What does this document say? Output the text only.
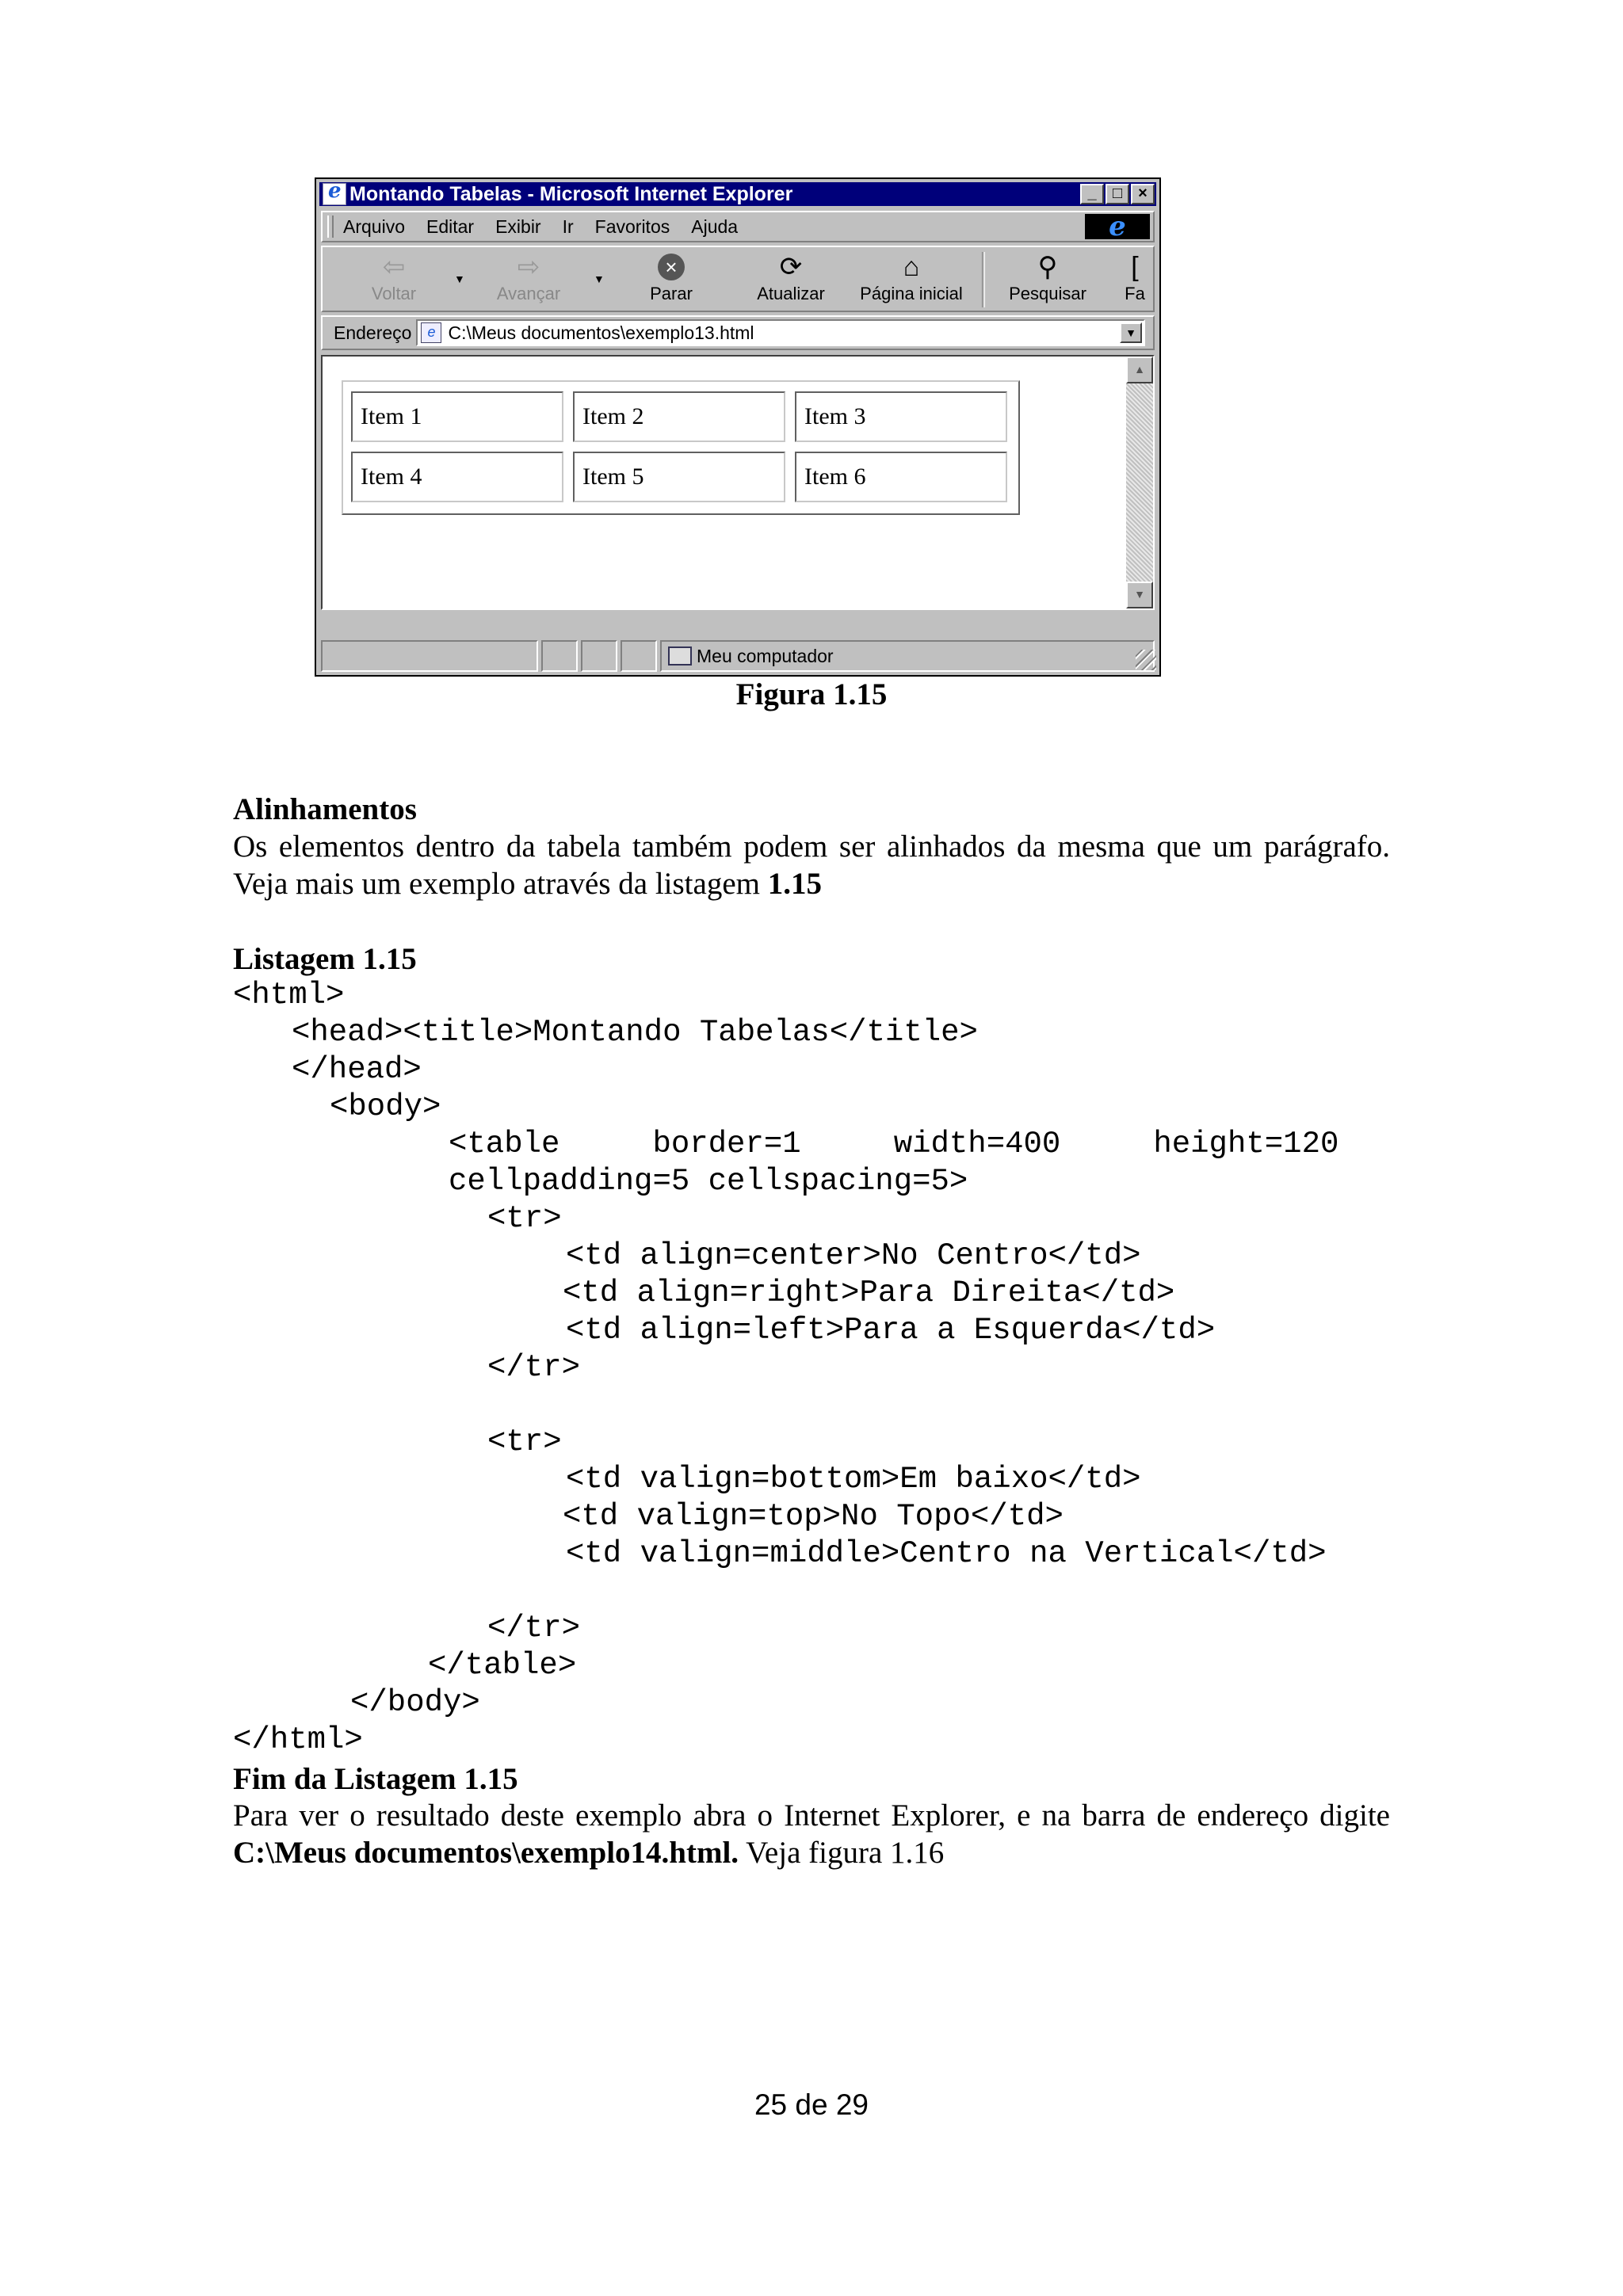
e
Montando Tabelas - Microsoft Internet Explorer	_	□	×
Arquivo Editar Exibir Ir Favoritos Ajuda	e
⇦
Voltar
▼	⇨
Avançar
▼	×
Parar
⟳
Atualizar
⌂
Página inicial
⚲
Pesquisar
[
Fa
Endereço	e C:\Meus documentos\exemplo13.html	▼
Item 1	Item 2	Item 3
Item 4	Item 5	Item 6
▲
▼
Meu computador
Figura 1.15
Alinhamentos
Os elementos dentro da tabela também podem ser alinhados da mesma que um parágrafo. Veja mais um exemplo através da listagem 1.15
Listagem 1.15
<html>
<head><title>Montando Tabelas</title>
</head>
<body>
<table     border=1     width=400     height=120
cellpadding=5 cellspacing=5>
<tr>
<td align=center>No Centro</td>
<td align=right>Para Direita</td>
<td align=left>Para a Esquerda</td>
</tr>
<tr>
<td valign=bottom>Em baixo</td>
<td valign=top>No Topo</td>
<td valign=middle>Centro na Vertical</td>
</tr>
</table>
</body>
</html>
Fim da Listagem 1.15
Para ver o resultado deste exemplo abra o Internet Explorer, e na barra de endereço digite C:\Meus documentos\exemplo14.html. Veja figura 1.16
25 de 29
